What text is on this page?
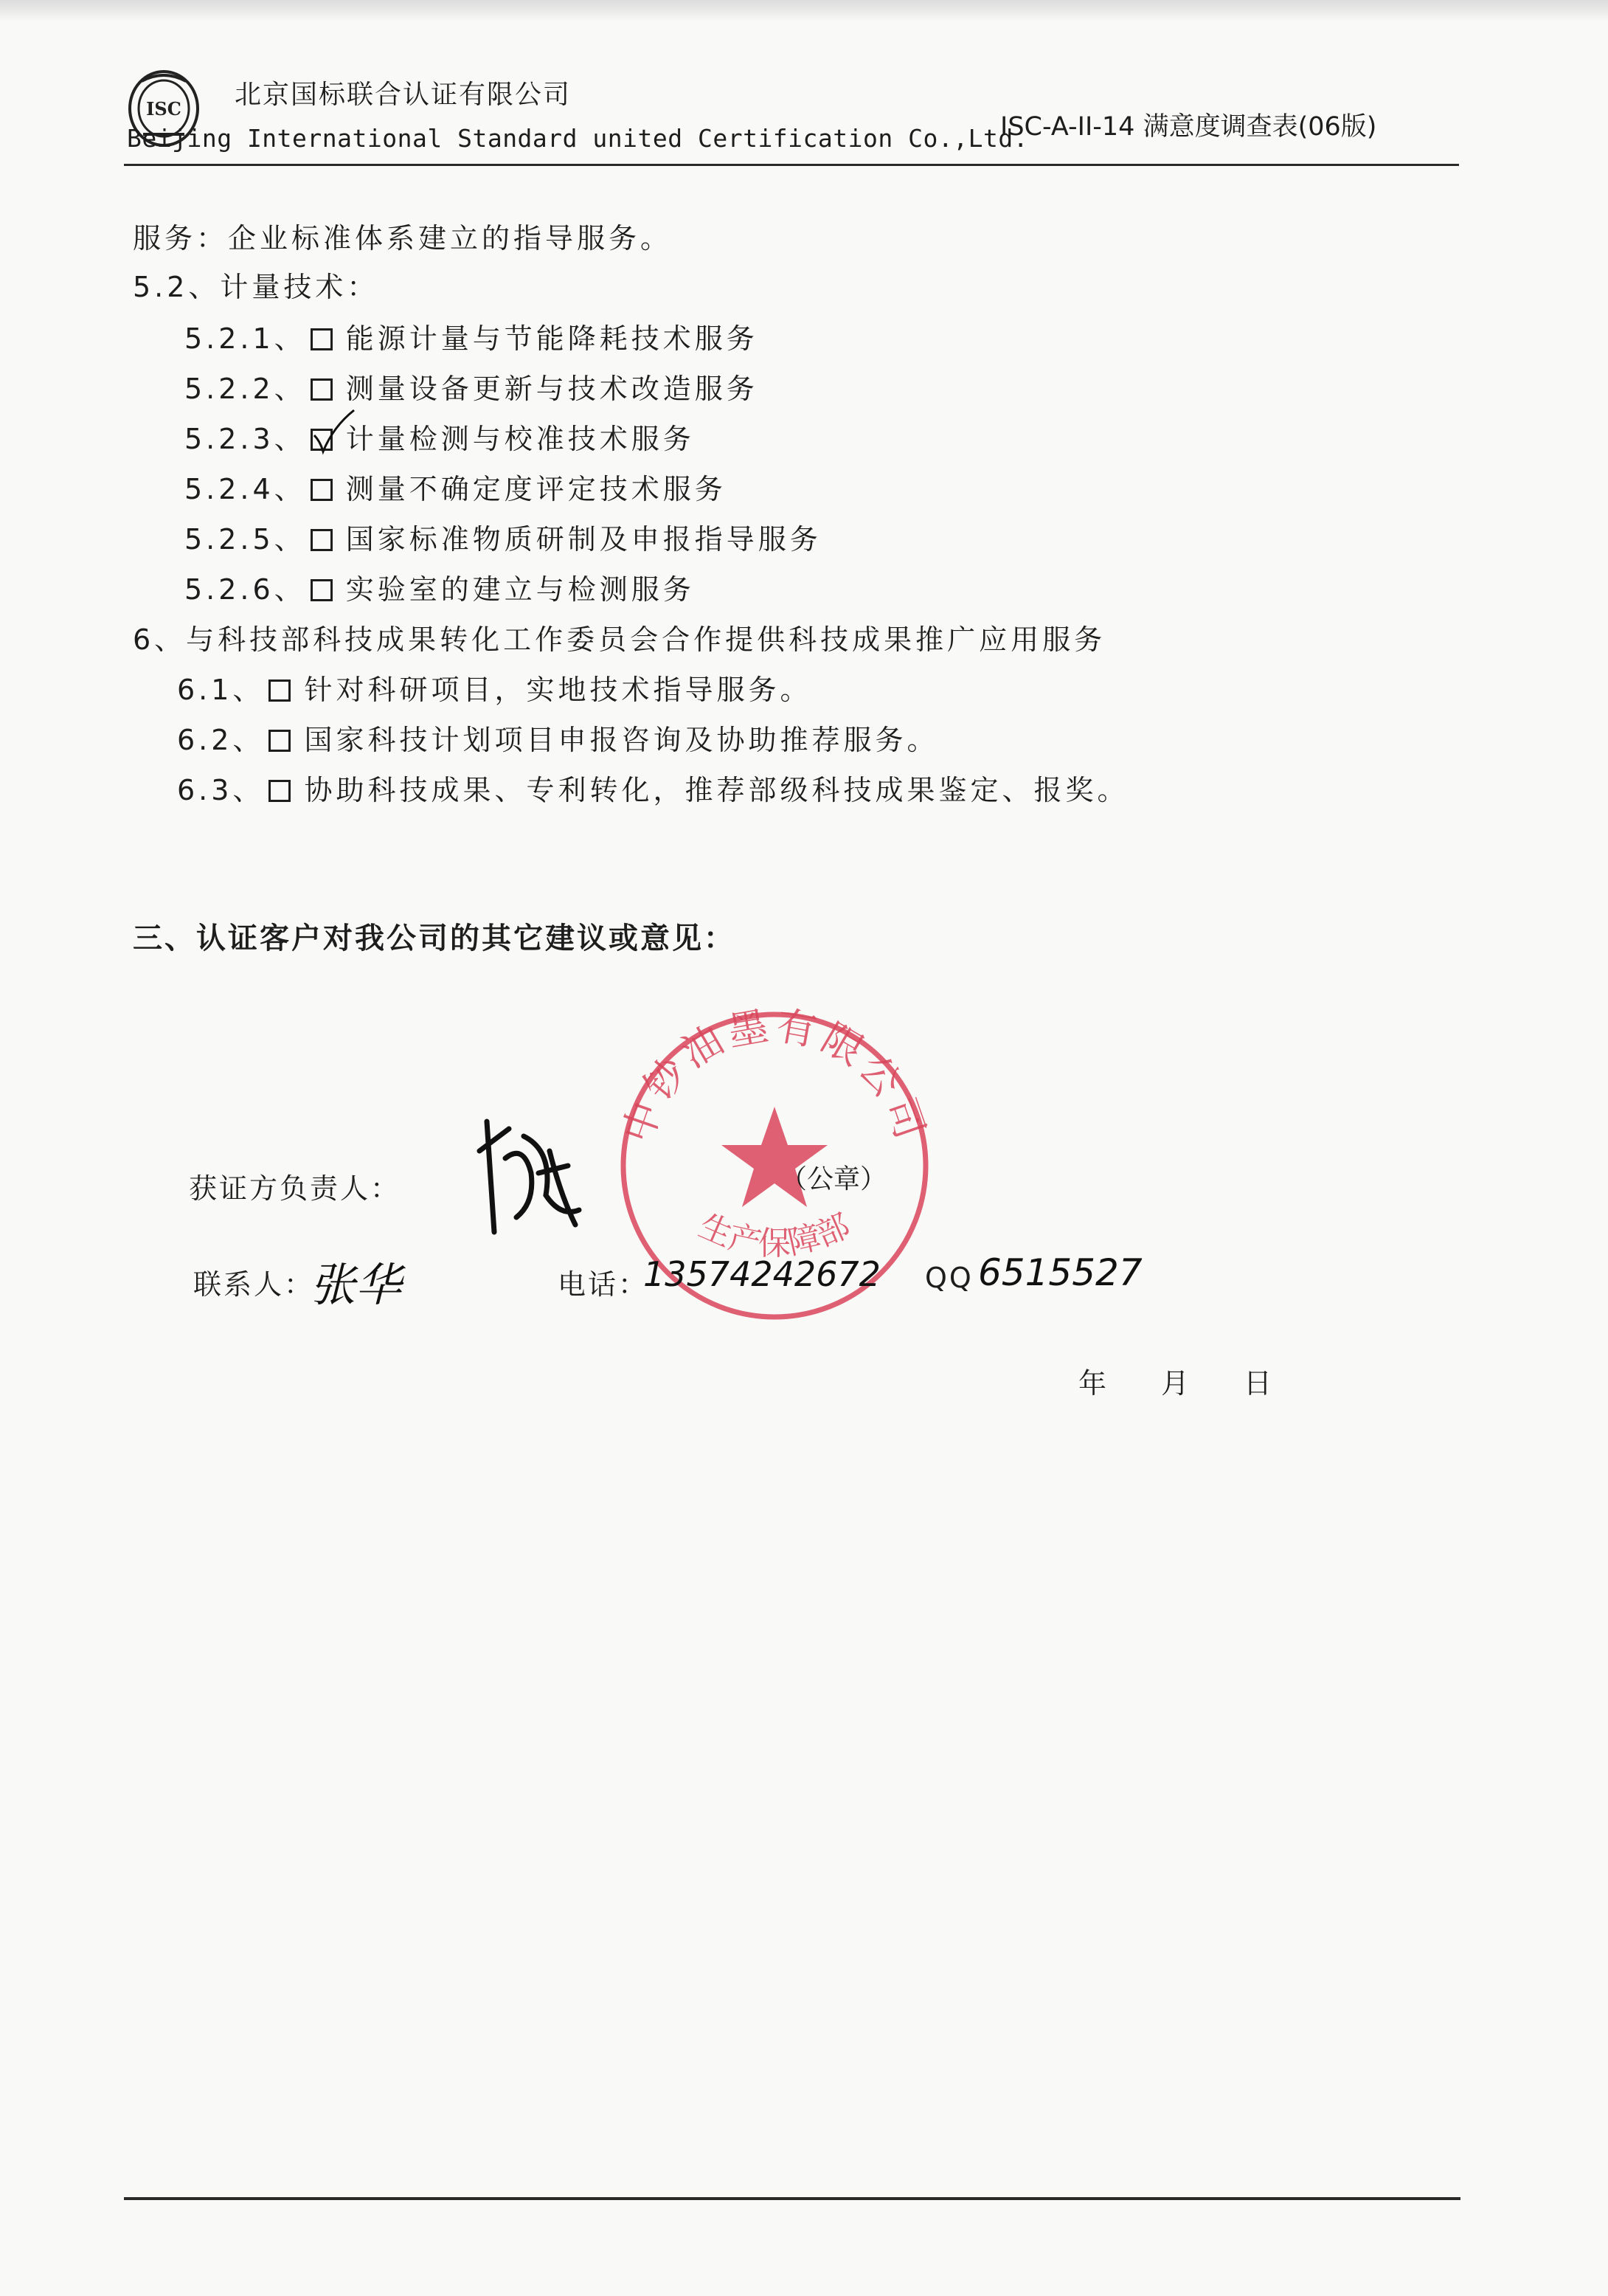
ISC 北京国标联合认证有限公司
Beijing International Standard united Certification Co.,Ltd.
ISC-A-II-14 满意度调查表(06版)
服务：企业标准体系建立的指导服务。
5.2、计量技术：
5.2.1、 能源计量与节能降耗技术服务
5.2.2、 测量设备更新与技术改造服务
5.2.3、 计量检测与校准技术服务
5.2.4、 测量不确定度评定技术服务
5.2.5、 国家标准物质研制及申报指导服务
5.2.6、 实验室的建立与检测服务
6、与科技部科技成果转化工作委员会合作提供科技成果推广应用服务
6.1、 针对科研项目，实地技术指导服务。
6.2、 国家科技计划项目申报咨询及协助推荐服务。
6.3、 协助科技成果、专利转化，推荐部级科技成果鉴定、报奖。
三、认证客户对我公司的其它建议或意见：
中钞油墨有限公司
生产保障部
获证方负责人：	（公章）
联系人：
张华	电话：
13574242672 QQ 6515527
年 月 日
